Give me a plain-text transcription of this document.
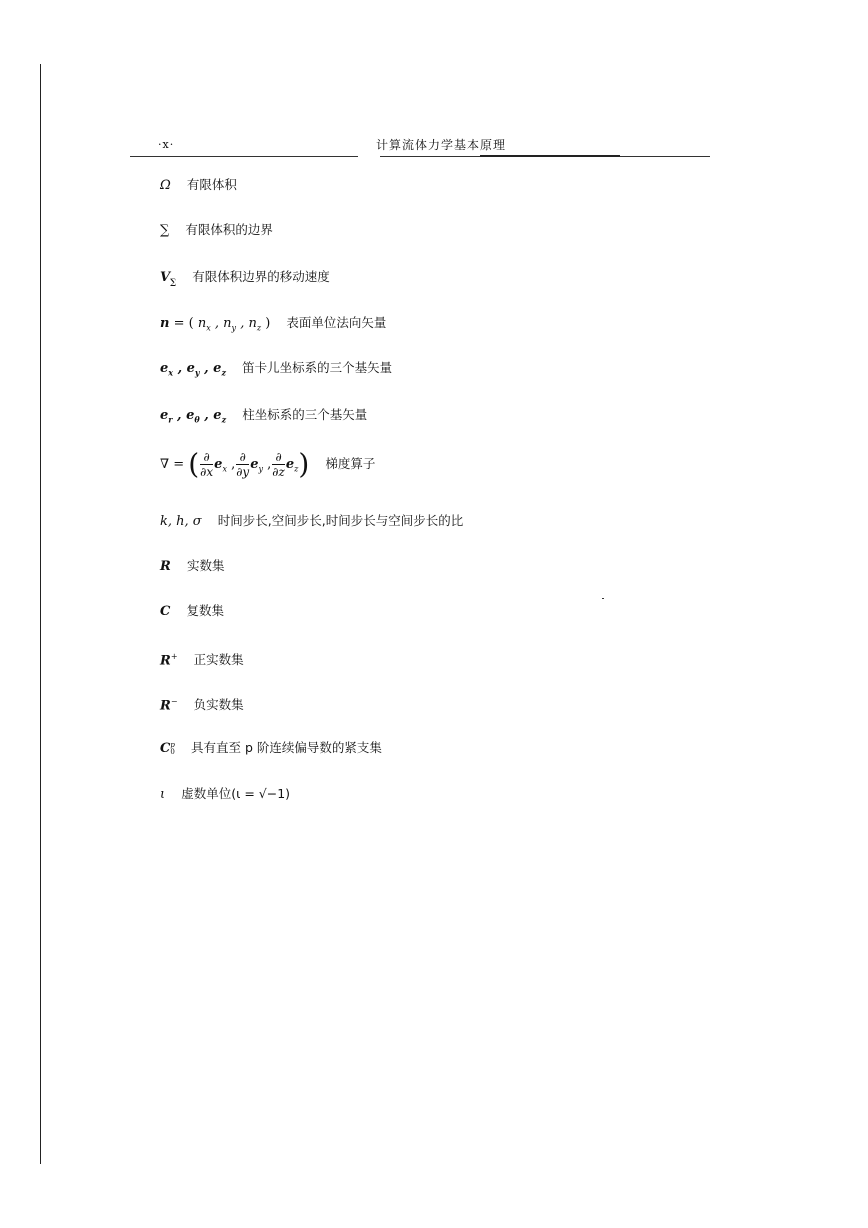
·x·	计算流体力学基本原理
Ω 有限体积
∑ 有限体积的边界
$V_\sum$ 有限体积边界的移动速度
n = ( $n_x$ , $n_y$ , $n_z$ ) 表面单位法向矢量
$e_x$ , $e_y$ , $e_z$ 笛卡儿坐标系的三个基矢量
$e_r$ , $e_\theta$ , $e_z$ 柱坐标系的三个基矢量
∇ = ( $\frac{\partial}{\partial x} e_x$ , $\frac{\partial}{\partial y} e_y$ , $\frac{\partial}{\partial z} e_z$) 梯度算子
k, h, σ 时间步长,空间步长,时间步长与空间步长的比
R 实数集
C 复数集
R+ 正实数集
R− 负实数集
C p
0 具有直至 p 阶连续偏导数的紧支集
ι 虚数单位(ι = √−1)
